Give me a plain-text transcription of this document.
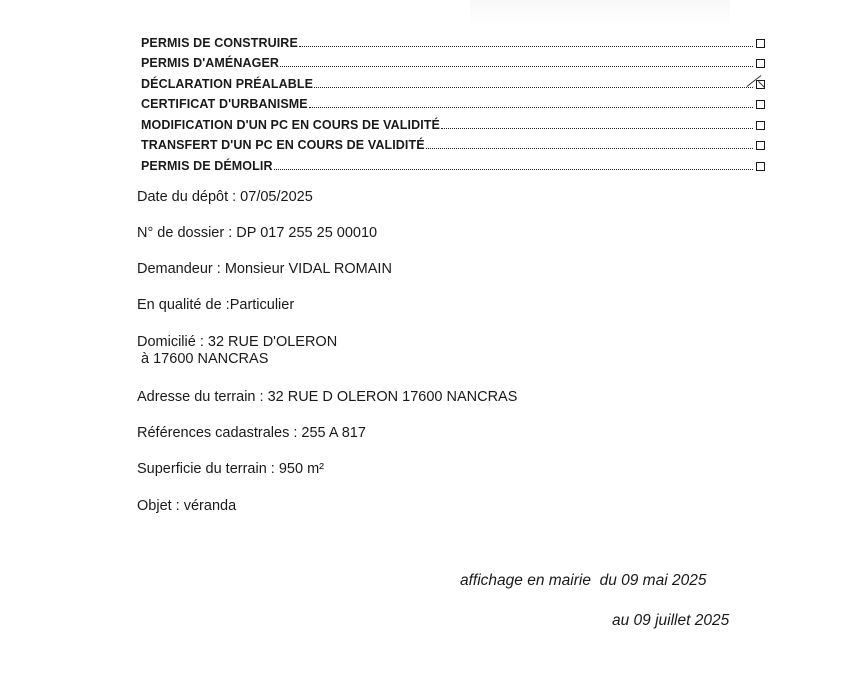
PERMIS DE CONSTRUIRE
PERMIS D'AMÉNAGER
DÉCLARATION PRÉALABLE
CERTIFICAT D'URBANISME
MODIFICATION D'UN PC EN COURS DE VALIDITÉ
TRANSFERT D'UN PC EN COURS DE VALIDITÉ
PERMIS DE DÉMOLIR
Date du dépôt : 07/05/2025
N° de dossier : DP 017 255 25 00010
Demandeur : Monsieur VIDAL ROMAIN
En qualité de :Particulier
Domicilié : 32 RUE D'OLERON
à 17600 NANCRAS
Adresse du terrain : 32 RUE D OLERON 17600 NANCRAS
Références cadastrales : 255 A 817
Superficie du terrain : 950 m²
Objet : véranda
affichage en mairie  du 09 mai 2025
au 09 juillet 2025
